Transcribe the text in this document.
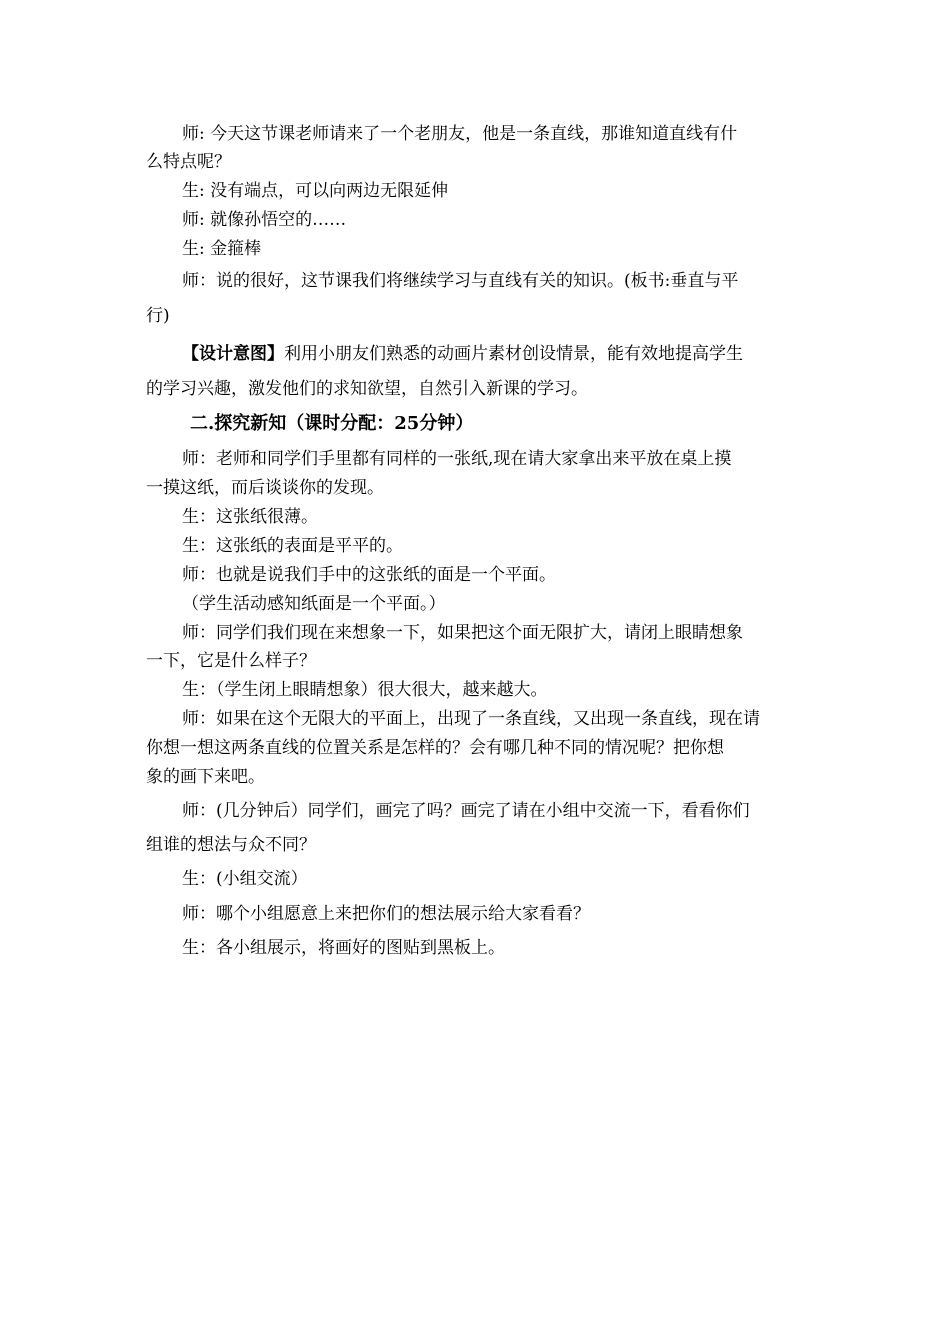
师: 今天这节课老师请来了一个老朋友，他是一条直线，那谁知道直线有什
么特点呢？
生: 没有端点，可以向两边无限延伸
师: 就像孙悟空的……
生: 金箍棒
师：说的很好，这节课我们将继续学习与直线有关的知识。(板书:垂直与平
行)
【设计意图】利用小朋友们熟悉的动画片素材创设情景，能有效地提高学生
的学习兴趣，激发他们的求知欲望，自然引入新课的学习。
二.探究新知（课时分配：25分钟）
师：老师和同学们手里都有同样的一张纸,现在请大家拿出来平放在桌上摸
一摸这纸，而后谈谈你的发现。
生：这张纸很薄。
生：这张纸的表面是平平的。
师：也就是说我们手中的这张纸的面是一个平面。
（学生活动感知纸面是一个平面。）
师：同学们我们现在来想象一下，如果把这个面无限扩大，请闭上眼睛想象
一下，它是什么样子？
生：（学生闭上眼睛想象）很大很大，越来越大。
师：如果在这个无限大的平面上，出现了一条直线，又出现一条直线，现在请
你想一想这两条直线的位置关系是怎样的？会有哪几种不同的情况呢？把你想
象的画下来吧。
师：(几分钟后）同学们，画完了吗？画完了请在小组中交流一下，看看你们
组谁的想法与众不同？
生：(小组交流）
师：哪个小组愿意上来把你们的想法展示给大家看看？
生：各小组展示，将画好的图贴到黑板上。
